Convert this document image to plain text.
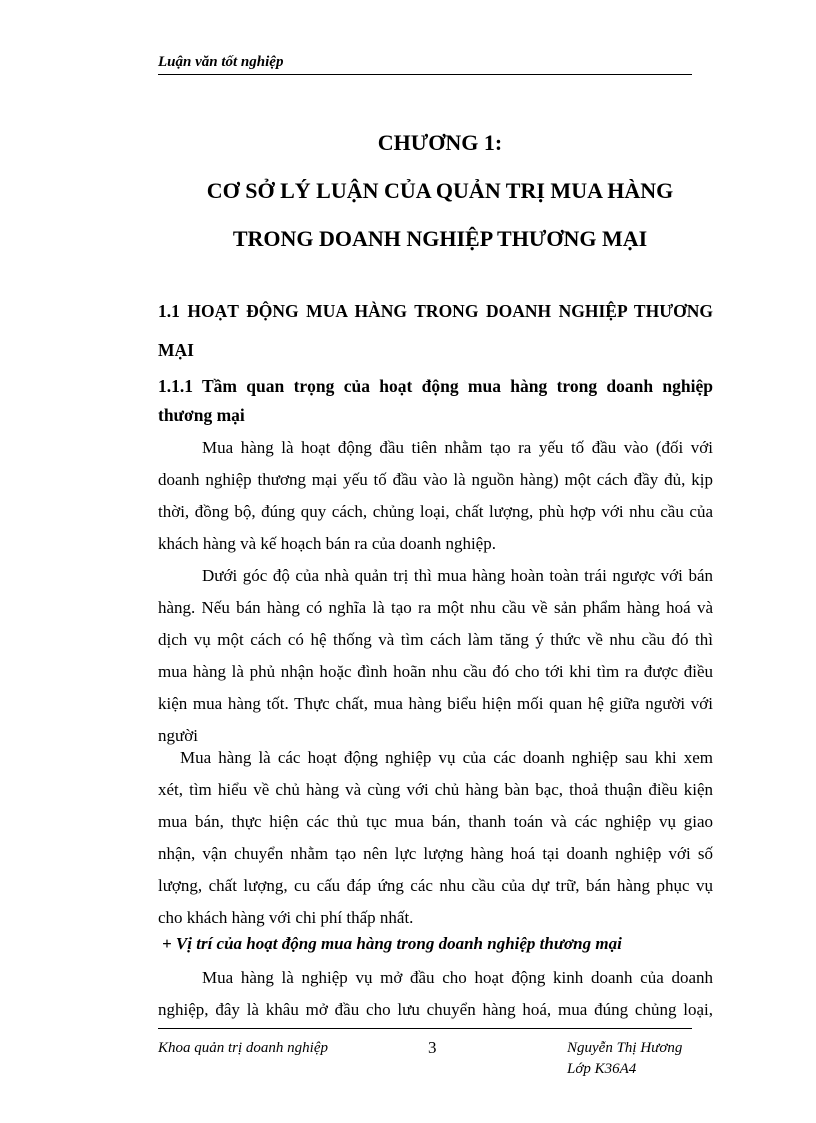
Luận văn tốt nghiệp
CHƯƠNG 1:
CƠ SỞ LÝ LUẬN CỦA QUẢN TRỊ MUA HÀNG
TRONG DOANH NGHIỆP THƯƠNG MẠI
1.1 HOẠT ĐỘNG MUA HÀNG TRONG DOANH NGHIỆP THƯƠNG
MẠI
1.1.1 Tầm quan trọng của hoạt động mua hàng trong doanh nghiệp
thương mại
Mua hàng là hoạt động đầu tiên nhằm tạo ra yếu tố đầu vào (đối với
doanh nghiệp thương mại yếu tố đầu vào là nguồn hàng) một cách đầy đủ, kịp
thời, đồng bộ, đúng quy cách, chủng loại, chất lượng, phù hợp với nhu cầu của
khách hàng và kế hoạch bán ra của doanh nghiệp.
Dưới góc độ của nhà quản trị thì mua hàng hoàn toàn trái ngược với bán
hàng. Nếu bán hàng có nghĩa là tạo ra một nhu cầu về sản phẩm hàng hoá và
dịch vụ một cách có hệ thống và tìm cách làm tăng ý thức về nhu cầu đó thì
mua hàng là phủ nhận hoặc đình hoãn nhu cầu đó cho tới khi tìm ra được điều
kiện mua hàng tốt. Thực chất, mua hàng biểu hiện mối quan hệ giữa người với
người
Mua hàng là các hoạt động nghiệp vụ của các doanh nghiệp sau khi xem
xét, tìm hiểu về chủ hàng và cùng với chủ hàng bàn bạc, thoả thuận điều kiện
mua bán, thực hiện các thủ tục mua bán, thanh toán và các nghiệp vụ giao
nhận, vận chuyển nhằm tạo nên lực lượng hàng hoá tại doanh nghiệp với số
lượng, chất lượng, cu cấu đáp ứng các nhu cầu của dự trữ, bán hàng phục vụ
cho khách hàng với chi phí thấp nhất.
+ Vị trí của hoạt động mua hàng trong doanh nghiệp thương mại
Mua hàng là nghiệp vụ mở đầu cho hoạt động kinh doanh của doanh
nghiệp, đây là khâu mở đầu cho lưu chuyển hàng hoá, mua đúng chủng loại,
Khoa quản trị doanh nghiệp	3	Nguyễn Thị Hương
Lớp K36A4
